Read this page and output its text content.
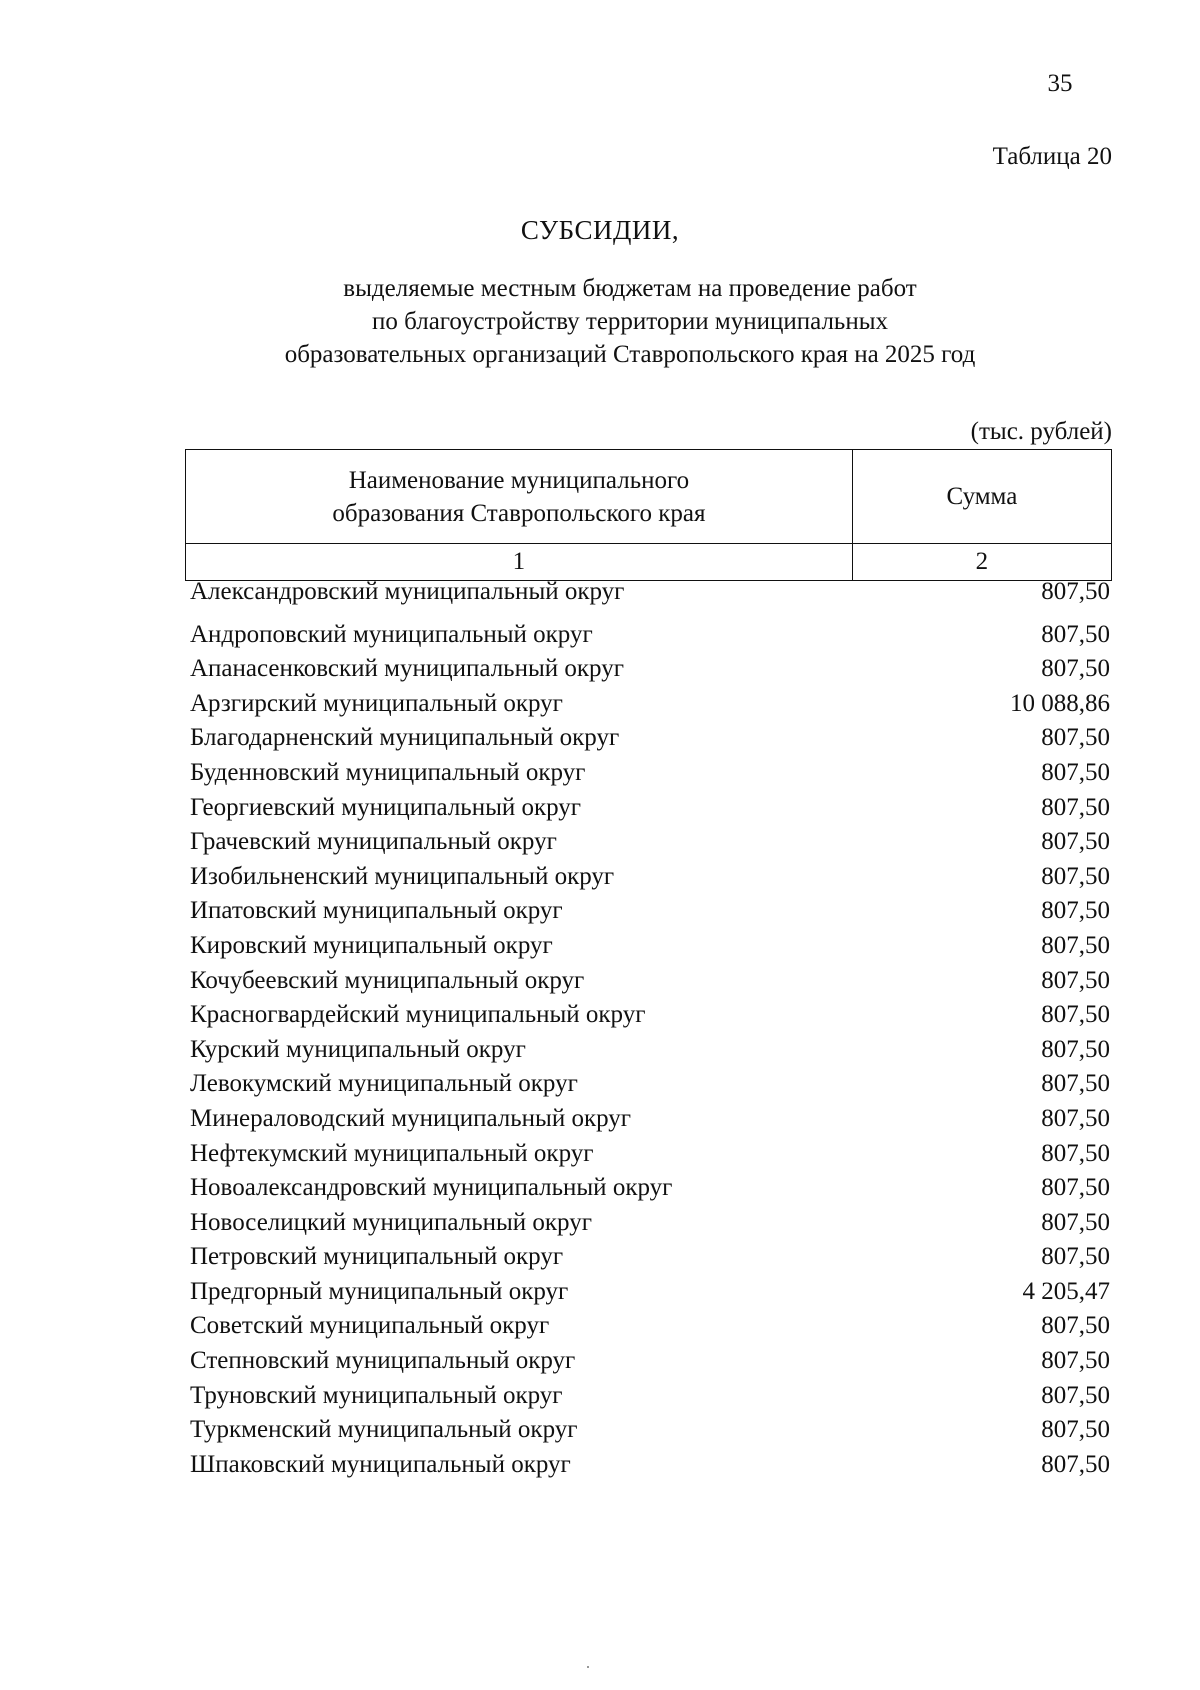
35
Таблица 20
СУБСИДИИ,
выделяемые местным бюджетам на проведение работ
по благоустройству территории муниципальных
образовательных организаций Ставропольского края на 2025 год
(тыс. рублей)
Наименование муниципального
образования Ставропольского края	Сумма
1	2
Александровский муниципальный округ	807,50
Андроповский муниципальный округ	807,50
Апанасенковский муниципальный округ	807,50
Арзгирский муниципальный округ	10 088,86
Благодарненский муниципальный округ	807,50
Буденновский муниципальный округ	807,50
Георгиевский муниципальный округ	807,50
Грачевский муниципальный округ	807,50
Изобильненский муниципальный округ	807,50
Ипатовский муниципальный округ	807,50
Кировский муниципальный округ	807,50
Кочубеевский муниципальный округ	807,50
Красногвардейский муниципальный округ	807,50
Курский муниципальный округ	807,50
Левокумский муниципальный округ	807,50
Минераловодский муниципальный округ	807,50
Нефтекумский муниципальный округ	807,50
Новоалександровский муниципальный округ	807,50
Новоселицкий муниципальный округ	807,50
Петровский муниципальный округ	807,50
Предгорный муниципальный округ	4 205,47
Советский муниципальный округ	807,50
Степновский муниципальный округ	807,50
Труновский муниципальный округ	807,50
Туркменский муниципальный округ	807,50
Шпаковский муниципальный округ	807,50
